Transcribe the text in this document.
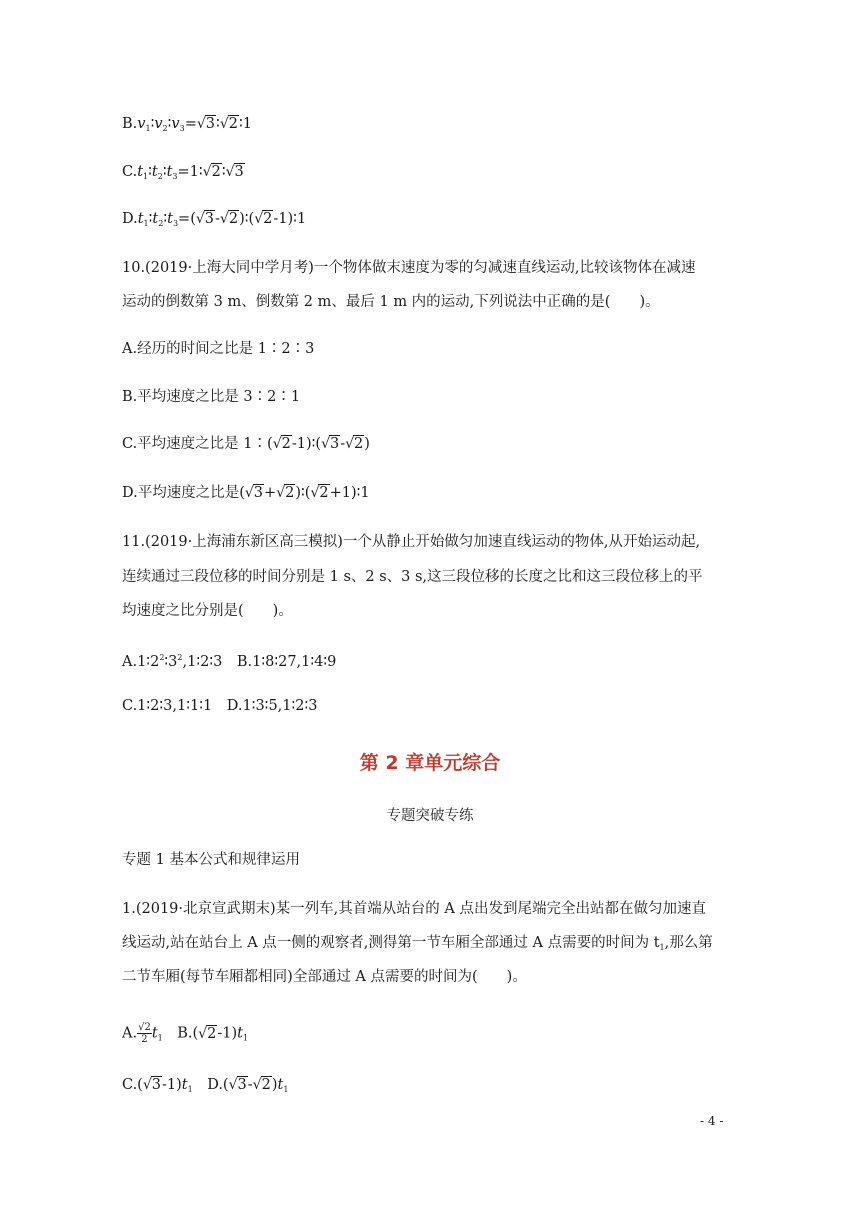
$B.v_1∶v_2∶v_3=√3∶√2∶1$
$C.t_1∶t_2∶t_3=1∶√2∶√3$
$D.t_1∶t_2∶t_3=(√3-√2)∶(√2-1)∶1$
10.(2019·上海大同中学月考)一个物体做末速度为零的匀减速直线运动,比较该物体在减速
运动的倒数第 3 m、倒数第 2 m、最后 1 m 内的运动,下列说法中正确的是(　　)。
A.经历的时间之比是 1∶2∶3
B.平均速度之比是 3∶2∶1
C.平均速度之比是 1∶(√2-1)∶(√3-√2)
D.平均速度之比是(√3+√2)∶(√2+1)∶1
11.(2019·上海浦东新区高三模拟)一个从静止开始做匀加速直线运动的物体,从开始运动起,
连续通过三段位移的时间分别是 1 s、2 s、3 s,这三段位移的长度之比和这三段位移上的平
均速度之比分别是(　　)。
$A.1∶2^2∶3^2,1∶2∶3$　B.1∶8∶27,1∶4∶9
C.1∶2∶3,1∶1∶1　D.1∶3∶5,1∶2∶3
第 2 章单元综合
专题突破专练
专题 1 基本公式和规律运用
1.(2019·北京宣武期末)某一列车,其首端从站台的 A 点出发到尾端完全出站都在做匀加速直
线运动,站在站台上 A 点一侧的观察者,测得第一节车厢全部通过 A 点需要的时间为 $t_1$,那么第
二节车厢(每节车厢都相同)全部通过 A 点需要的时间为(　　)。
A. $\frac{√2}{2} t_1$　$B.(√2-1)t_1$
$C.(√3-1)t_1$　$D.(√3-√2)t_1$
- 4 -
